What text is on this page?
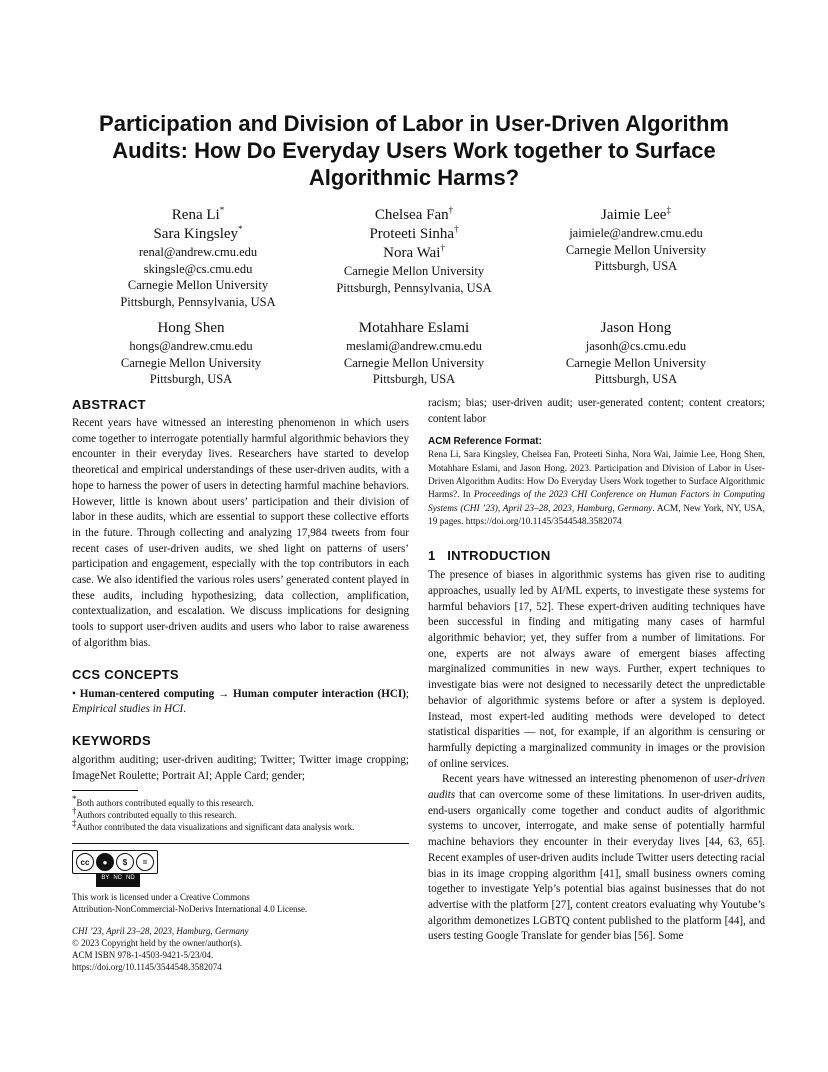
Participation and Division of Labor in User-Driven Algorithm Audits: How Do Everyday Users Work together to Surface Algorithmic Harms?
Rena Li*
Sara Kingsley*
renal@andrew.cmu.edu
skingsle@cs.cmu.edu
Carnegie Mellon University
Pittsburgh, Pennsylvania, USA
Chelsea Fan†
Proteeti Sinha†
Nora Wai†
Carnegie Mellon University
Pittsburgh, Pennsylvania, USA
Jaimie Lee‡
jaimiele@andrew.cmu.edu
Carnegie Mellon University
Pittsburgh, USA
Hong Shen
hongs@andrew.cmu.edu
Carnegie Mellon University
Pittsburgh, USA
Motahhare Eslami
meslami@andrew.cmu.edu
Carnegie Mellon University
Pittsburgh, USA
Jason Hong
jasonh@cs.cmu.edu
Carnegie Mellon University
Pittsburgh, USA
ABSTRACT

Recent years have witnessed an interesting phenomenon in which users come together to interrogate potentially harmful algorithmic behaviors they encounter in their everyday lives. Researchers have started to develop theoretical and empirical understandings of these user-driven audits, with a hope to harness the power of users in detecting harmful machine behaviors. However, little is known about users’ participation and their division of labor in these audits, which are essential to support these collective efforts in the future. Through collecting and analyzing 17,984 tweets from four recent cases of user-driven audits, we shed light on patterns of users’ participation and engagement, especially with the top contributors in each case. We also identified the various roles users’ generated content played in these audits, including hypothesizing, data collection, amplification, contextualization, and escalation. We discuss implications for designing tools to support user-driven audits and users who labor to raise awareness of algorithm bias.

CCS CONCEPTS

• Human-centered computing → Human computer interaction (HCI); Empirical studies in HCI.

KEYWORDS

algorithm auditing; user-driven auditing; Twitter; Twitter image cropping; ImageNet Roulette; Portrait AI; Apple Card; gender;

*Both authors contributed equally to this research.
†Authors contributed equally to this research.
‡Author contributed the data visualizations and significant data analysis work.
cc	●	$	=
BY NC ND
This work is licensed under a Creative Commons
Attribution-NonCommercial-NoDerivs International 4.0 License.
CHI ’23, April 23–28, 2023, Hamburg, Germany
© 2023 Copyright held by the owner/author(s).
ACM ISBN 978-1-4503-9421-5/23/04.
https://doi.org/10.1145/3544548.3582074

racism; bias; user-driven audit; user-generated content; content creators; content labor

ACM Reference Format:

Rena Li, Sara Kingsley, Chelsea Fan, Proteeti Sinha, Nora Wai, Jaimie Lee, Hong Shen, Motahhare Eslami, and Jason Hong. 2023. Participation and Division of Labor in User-Driven Algorithm Audits: How Do Everyday Users Work together to Surface Algorithmic Harms?. In Proceedings of the 2023 CHI Conference on Human Factors in Computing Systems (CHI ’23), April 23–28, 2023, Hamburg, Germany. ACM, New York, NY, USA, 19 pages. https://doi.org/10.1145/3544548.3582074

1   INTRODUCTION

The presence of biases in algorithmic systems has given rise to auditing approaches, usually led by AI/ML experts, to investigate these systems for harmful behaviors [17, 52]. These expert-driven auditing techniques have been successful in finding and mitigating many cases of harmful algorithmic behavior; yet, they suffer from a number of limitations. For one, experts are not always aware of emergent biases affecting marginalized communities in new ways. Further, expert techniques to investigate bias were not designed to necessarily detect the unpredictable behavior of algorithmic systems before or after a system is deployed. Instead, most expert-led auditing methods were developed to detect statistical disparities — not, for example, if an algorithm is censuring or harmfully depicting a marginalized community in images or the provision of online services.

Recent years have witnessed an interesting phenomenon of user-driven audits that can overcome some of these limitations. In user-driven audits, end-users organically come together and conduct audits of algorithmic systems to uncover, interrogate, and make sense of potentially harmful machine behaviors they encounter in their everyday lives [44, 63, 65]. Recent examples of user-driven audits include Twitter users detecting racial bias in its image cropping algorithm [41], small business owners coming together to investigate Yelp’s potential bias against businesses that do not advertise with the platform [27], content creators evaluating why Youtube’s algorithm demonetizes LGBTQ content published to the platform [44], and users testing Google Translate for gender bias [56]. Some
